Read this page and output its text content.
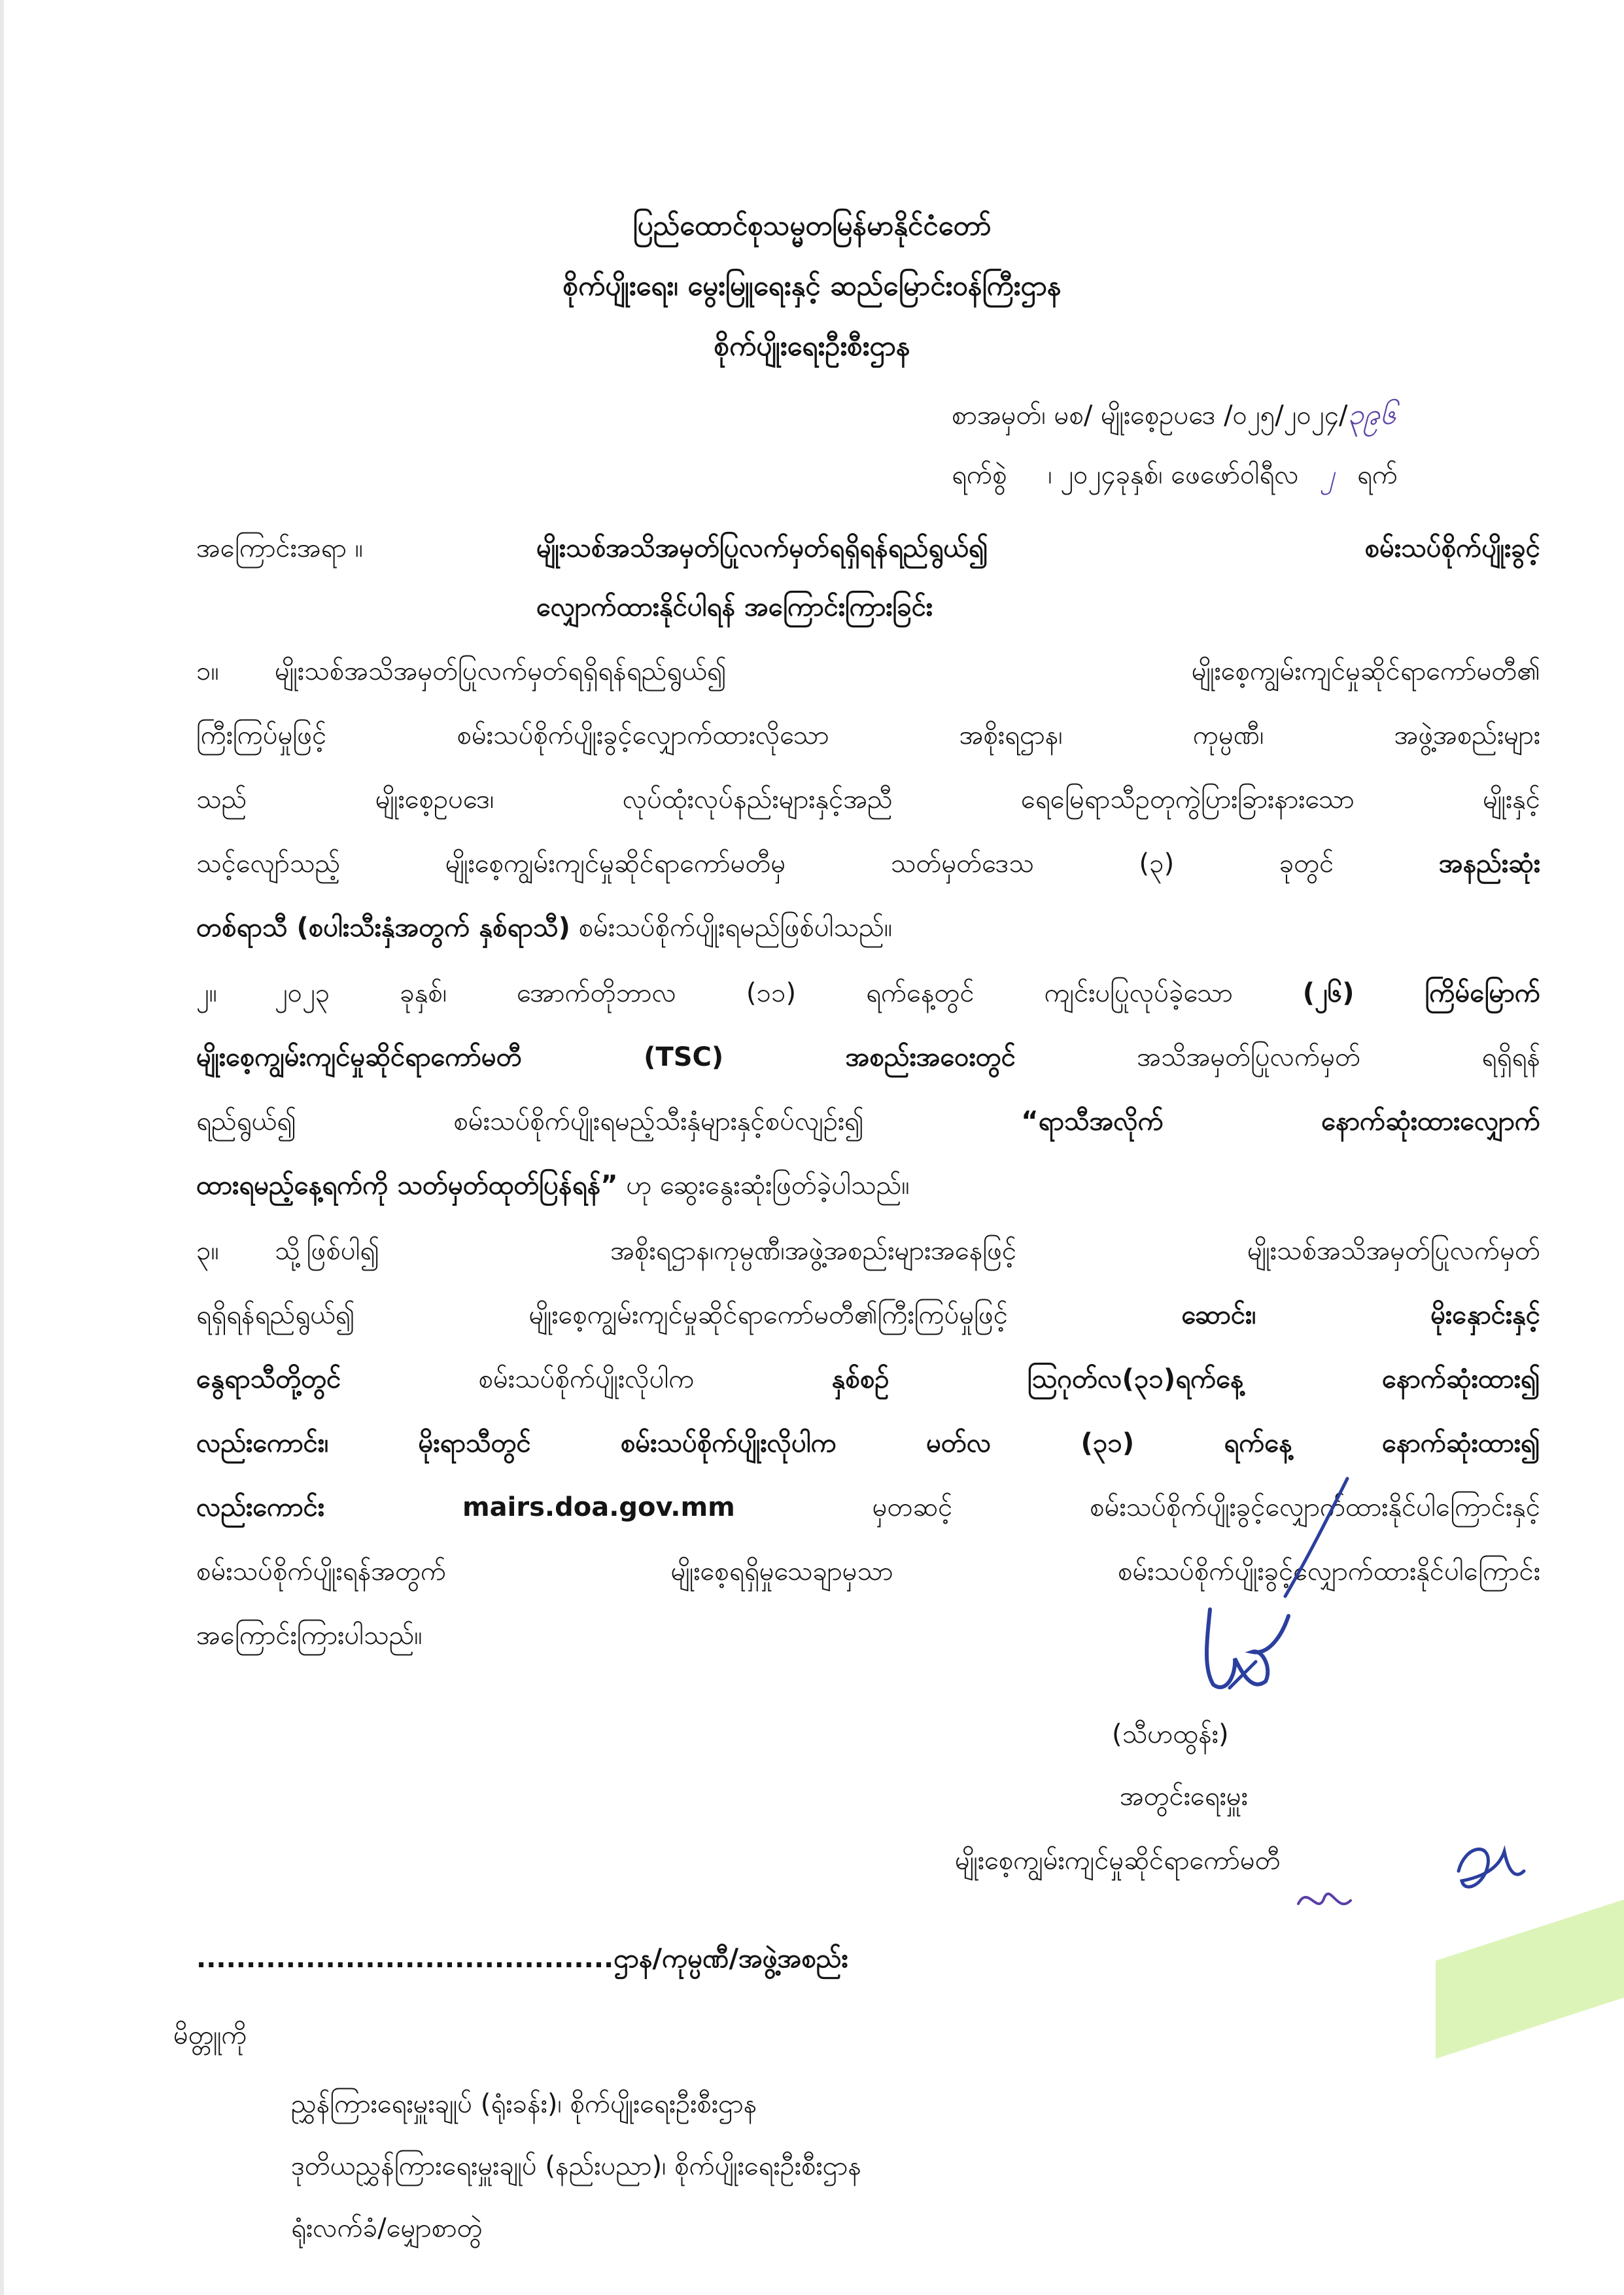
ပြည်ထောင်စုသမ္မတမြန်မာနိုင်ငံတော်
စိုက်ပျိုးရေး၊ မွေးမြူရေးနှင့် ဆည်မြောင်းဝန်ကြီးဌာန
စိုက်ပျိုးရေးဦးစီးဌာန
စာအမှတ်၊ မစ/ မျိုးစေ့ဥပဒေ /၀၂၅/၂၀၂၄/၃၉၆
ရက်စွဲ ၊ ၂၀၂၄ခုနှစ်၊ ဖေဖော်ဝါရီလ ၂ ရက်
အကြောင်းအရာ ။	မျိုးသစ်အသိအမှတ်ပြုလက်မှတ်ရရှိရန်ရည်ရွယ်၍ စမ်းသပ်စိုက်ပျိုးခွင့်
လျှောက်ထားနိုင်ပါရန် အကြောင်းကြားခြင်း
၁။ မျိုးသစ်အသိအမှတ်ပြုလက်မှတ်ရရှိရန်ရည်ရွယ်၍ မျိုးစေ့ကျွမ်းကျင်မှုဆိုင်ရာကော်မတီ၏
ကြီးကြပ်မှုဖြင့် စမ်းသပ်စိုက်ပျိုးခွင့်လျှောက်ထားလိုသော အစိုးရဌာန၊ ကုမ္ပဏီ၊ အဖွဲ့အစည်းများ
သည် မျိုးစေ့ဥပဒေ၊ လုပ်ထုံးလုပ်နည်းများနှင့်အညီ ရေမြေရာသီဥတုကွဲပြားခြားနားသော မျိုးနှင့်
သင့်လျော်သည့် မျိုးစေ့ကျွမ်းကျင်မှုဆိုင်ရာကော်မတီမှ သတ်မှတ်ဒေသ (၃) ခုတွင်	အနည်းဆုံး
တစ်ရာသီ (စပါးသီးနှံအတွက် နှစ်ရာသီ) စမ်းသပ်စိုက်ပျိုးရမည်ဖြစ်ပါသည်။
၂။ ၂၀၂၃ ခုနှစ်၊ အောက်တိုဘာလ (၁၁) ရက်နေ့တွင် ကျင်းပပြုလုပ်ခဲ့သော	(၂၆) ကြိမ်မြောက်
မျိုးစေ့ကျွမ်းကျင်မှုဆိုင်ရာကော်မတီ (TSC) အစည်းအဝေးတွင်	အသိအမှတ်ပြုလက်မှတ် ရရှိရန်
ရည်ရွယ်၍ စမ်းသပ်စိုက်ပျိုးရမည့်သီးနှံများနှင့်စပ်လျဉ်း၍	“ရာသီအလိုက် နောက်ဆုံးထားလျှောက်
ထားရမည့်နေ့ရက်ကို သတ်မှတ်ထုတ်ပြန်ရန်” ဟု ဆွေးနွေးဆုံးဖြတ်ခဲ့ပါသည်။
၃။ သို့ဖြစ်ပါ၍ အစိုးရဌာန၊ကုမ္ပဏီ၊အဖွဲ့အစည်းများအနေဖြင့် မျိုးသစ်အသိအမှတ်ပြုလက်မှတ်
ရရှိရန်ရည်ရွယ်၍ မျိုးစေ့ကျွမ်းကျင်မှုဆိုင်ရာကော်မတီ၏ကြီးကြပ်မှုဖြင့်	ဆောင်း၊ မိုးနှောင်းနှင့်
နွေရာသီတို့တွင်	စမ်းသပ်စိုက်ပျိုးလိုပါက	နှစ်စဉ် ဩဂုတ်လ(၃၁)ရက်နေ့ နောက်ဆုံးထား၍
လည်းကောင်း၊ မိုးရာသီတွင် စမ်းသပ်စိုက်ပျိုးလိုပါက မတ်လ (၃၁) ရက်နေ့ နောက်ဆုံးထား၍
လည်းကောင်း mairs.doa.gov.mm	မှတဆင့် စမ်းသပ်စိုက်ပျိုးခွင့်လျှောက်ထားနိုင်ပါကြောင်းနှင့်
စမ်းသပ်စိုက်ပျိုးရန်အတွက် မျိုးစေ့ရရှိမှုသေချာမှသာ စမ်းသပ်စိုက်ပျိုးခွင့်လျှောက်ထားနိုင်ပါကြောင်း
အကြောင်းကြားပါသည်။
(သီဟထွန်း)
အတွင်းရေးမှူး
မျိုးစေ့ကျွမ်းကျင်မှုဆိုင်ရာကော်မတီ
..........................................ဌာန/ကုမ္ပဏီ/အဖွဲ့အစည်း
မိတ္တူကို
ညွှန်ကြားရေးမှူးချုပ် (ရုံးခန်း)၊ စိုက်ပျိုးရေးဦးစီးဌာန
ဒုတိယညွှန်ကြားရေးမှူးချုပ် (နည်းပညာ)၊ စိုက်ပျိုးရေးဦးစီးဌာန
ရုံးလက်ခံ/မျှောစာတွဲ
